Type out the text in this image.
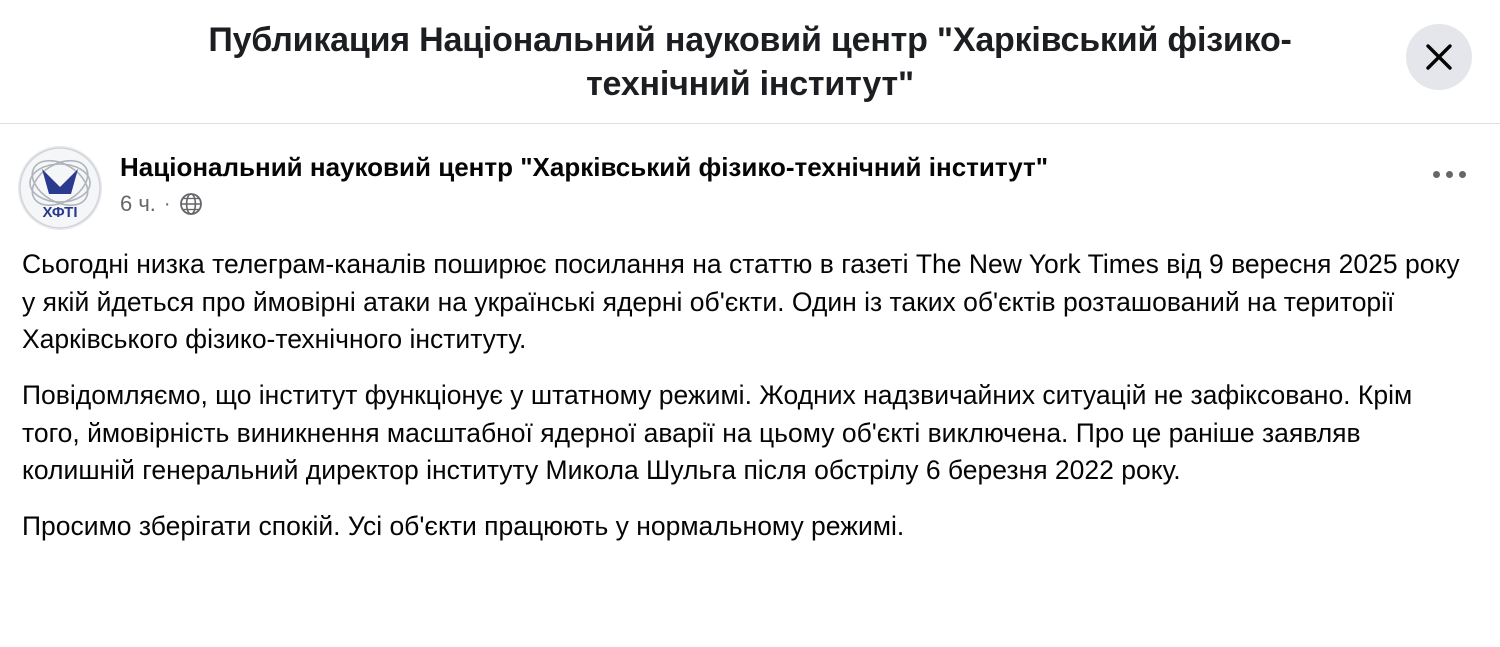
Публикация Національний науковий центр "Харківський фізико-технічний інститут"
ХФТІ
Національний науковий центр "Харківський фізико-технічний інститут"
6 ч. ·

Сьогодні низка телеграм-каналів поширює посилання на статтю в газеті The New York Times від 9 вересня 2025 року у якій йдеться про ймовірні атаки на українські ядерні об'єкти. Один із таких об'єктів розташований на території Харківського фізико-технічного інституту.

Повідомляємо, що інститут функціонує у штатному режимі. Жодних надзвичайних ситуацій не зафіксовано. Крім того, ймовірність виникнення масштабної ядерної аварії на цьому об'єкті виключена. Про це раніше заявляв колишній генеральний директор інституту Микола Шульга після обстрілу 6 березня 2022 року.

Просимо зберігати спокій. Усі об'єкти працюють у нормальному режимі.
